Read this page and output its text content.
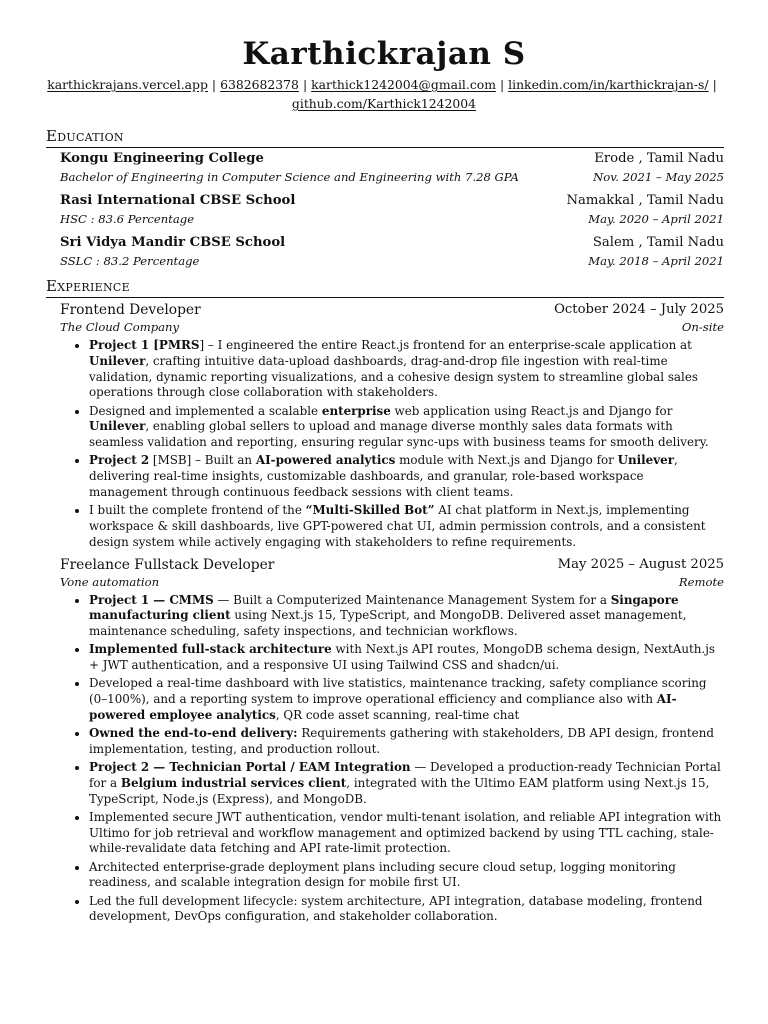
Karthickrajan S
karthickrajans.vercel.app | 6382682378 | karthick1242004@gmail.com | linkedin.com/in/karthickrajan-s/ |
github.com/Karthick1242004
Education
Kongu Engineering College	Erode , Tamil Nadu
Bachelor of Engineering in Computer Science and Engineering with 7.28 GPA	Nov. 2021 – May 2025
Rasi International CBSE School	Namakkal , Tamil Nadu
HSC : 83.6 Percentage	May. 2020 – April 2021
Sri Vidya Mandir CBSE School	Salem , Tamil Nadu
SSLC : 83.2 Percentage	May. 2018 – April 2021
Experience
Frontend Developer	October 2024 – July 2025
The Cloud Company	On-site
• Project 1 [PMRS] – I engineered the entire React.js frontend for an enterprise-scale application at Unilever, crafting intuitive data-upload dashboards, drag-and-drop file ingestion with real-time validation, dynamic reporting visualizations, and a cohesive design system to streamline global sales operations through close collaboration with stakeholders.
• Designed and implemented a scalable enterprise web application using React.js and Django for Unilever, enabling global sellers to upload and manage diverse monthly sales data formats with seamless validation and reporting, ensuring regular sync-ups with business teams for smooth delivery.
• Project 2 [MSB] – Built an AI-powered analytics module with Next.js and Django for Unilever, delivering real-time insights, customizable dashboards, and granular, role-based workspace management through continuous feedback sessions with client teams.
• I built the complete frontend of the “Multi-Skilled Bot” AI chat platform in Next.js, implementing workspace & skill dashboards, live GPT-powered chat UI, admin permission controls, and a consistent design system while actively engaging with stakeholders to refine requirements.
Freelance Fullstack Developer	May 2025 – August 2025
Vone automation	Remote
• Project 1 — CMMS — Built a Computerized Maintenance Management System for a Singapore manufacturing client using Next.js 15, TypeScript, and MongoDB. Delivered asset management, maintenance scheduling, safety inspections, and technician workflows.
• Implemented full-stack architecture with Next.js API routes, MongoDB schema design, NextAuth.js + JWT authentication, and a responsive UI using Tailwind CSS and shadcn/ui.
• Developed a real-time dashboard with live statistics, maintenance tracking, safety compliance scoring (0–100%), and a reporting system to improve operational efficiency and compliance also with AI-powered employee analytics, QR code asset scanning, real-time chat
• Owned the end-to-end delivery: Requirements gathering with stakeholders, DB API design, frontend implementation, testing, and production rollout.
• Project 2 — Technician Portal / EAM Integration — Developed a production-ready Technician Portal for a Belgium industrial services client, integrated with the Ultimo EAM platform using Next.js 15, TypeScript, Node.js (Express), and MongoDB.
• Implemented secure JWT authentication, vendor multi-tenant isolation, and reliable API integration with Ultimo for job retrieval and workflow management and optimized backend by using TTL caching, stale-while-revalidate data fetching and API rate-limit protection.
• Architected enterprise-grade deployment plans including secure cloud setup, logging monitoring readiness, and scalable integration design for mobile first UI.
• Led the full development lifecycle: system architecture, API integration, database modeling, frontend development, DevOps configuration, and stakeholder collaboration.
